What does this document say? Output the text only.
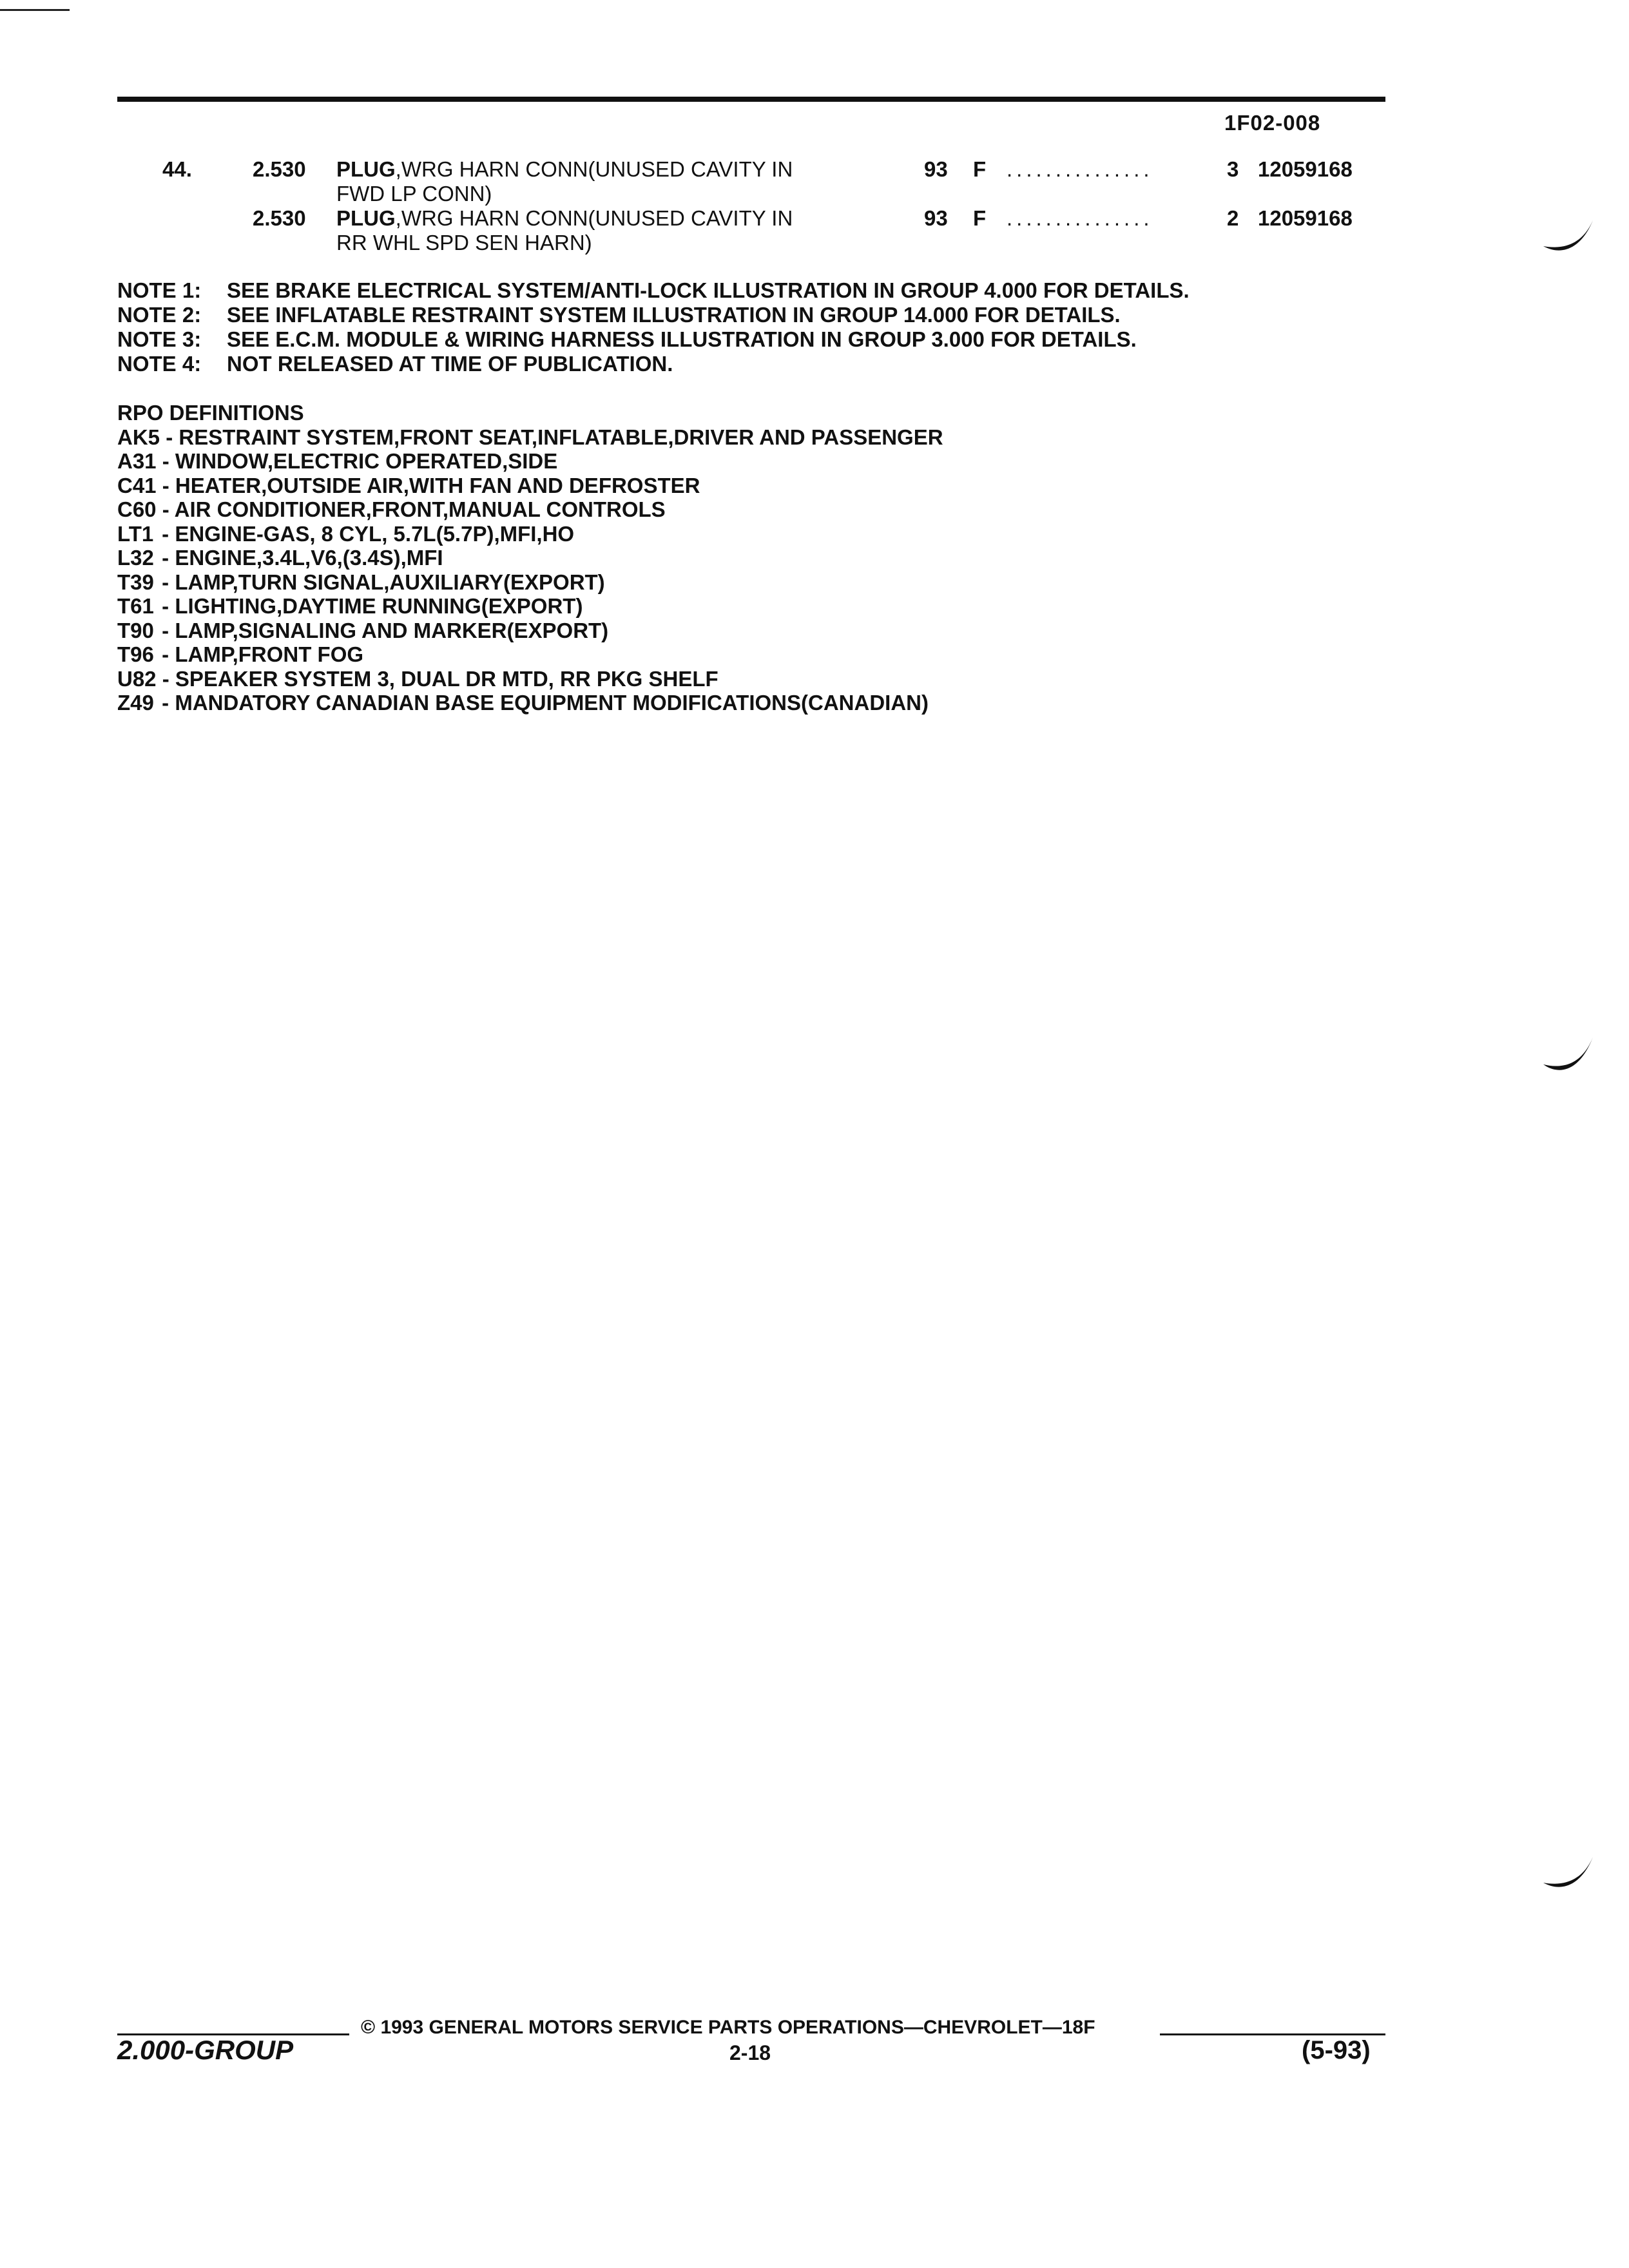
1F02-008
44.	2.530 PLUG,WRG HARN CONN(UNUSED CAVITY IN
FWD LP CONN)
93 F ...............	3 12059168
2.530 PLUG,WRG HARN CONN(UNUSED CAVITY IN
RR WHL SPD SEN HARN)
93 F ...............	2 12059168
NOTE 1: SEE BRAKE ELECTRICAL SYSTEM/ANTI-LOCK ILLUSTRATION IN GROUP 4.000 FOR DETAILS.
NOTE 2: SEE INFLATABLE RESTRAINT SYSTEM ILLUSTRATION IN GROUP 14.000 FOR DETAILS.
NOTE 3: SEE E.C.M. MODULE & WIRING HARNESS ILLUSTRATION IN GROUP 3.000 FOR DETAILS.
NOTE 4: NOT RELEASED AT TIME OF PUBLICATION.
RPO DEFINITIONS
AK5 - RESTRAINT SYSTEM,FRONT SEAT,INFLATABLE,DRIVER AND PASSENGER
A31 - WINDOW,ELECTRIC OPERATED,SIDE
C41 - HEATER,OUTSIDE AIR,WITH FAN AND DEFROSTER
C60 - AIR CONDITIONER,FRONT,MANUAL CONTROLS
LT1 - ENGINE-GAS, 8 CYL, 5.7L(5.7P),MFI,HO
L32 - ENGINE,3.4L,V6,(3.4S),MFI
T39 - LAMP,TURN SIGNAL,AUXILIARY(EXPORT)
T61 - LIGHTING,DAYTIME RUNNING(EXPORT)
T90 - LAMP,SIGNALING AND MARKER(EXPORT)
T96 - LAMP,FRONT FOG
U82 - SPEAKER SYSTEM 3, DUAL DR MTD, RR PKG SHELF
Z49 - MANDATORY CANADIAN BASE EQUIPMENT MODIFICATIONS(CANADIAN)
© 1993 GENERAL MOTORS SERVICE PARTS OPERATIONS—CHEVROLET—18F
2.000-GROUP	2-18	(5-93)
